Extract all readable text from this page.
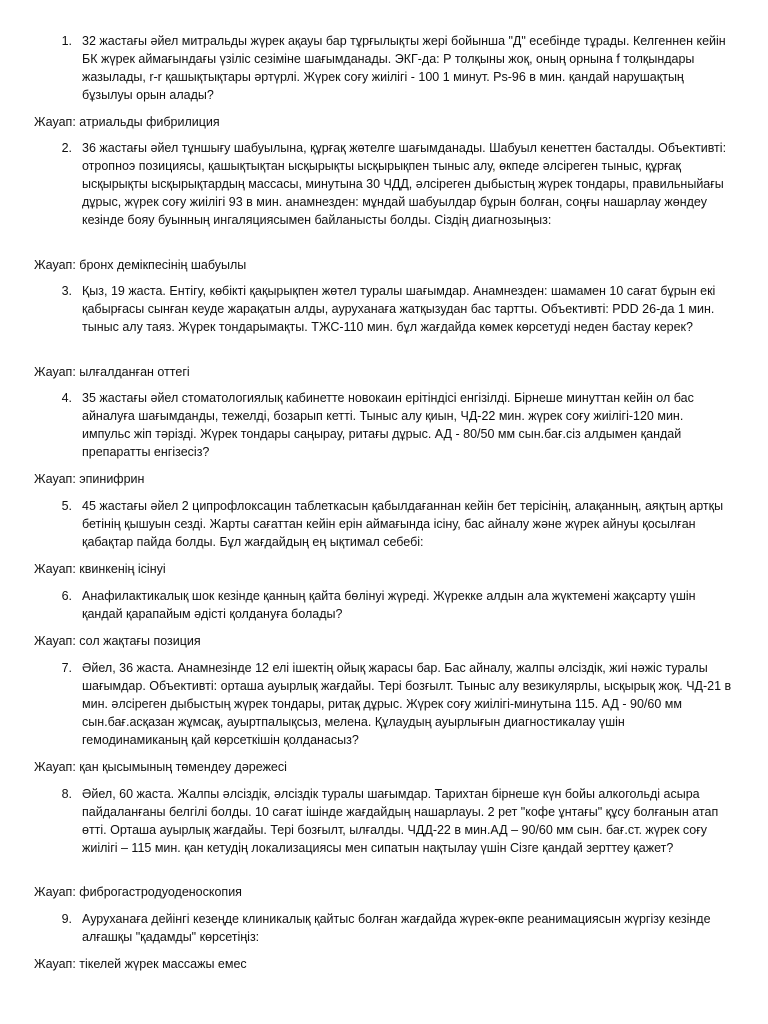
1. 32 жастағы әйел митральды жүрек ақауы бар тұрғылықты жері бойынша "Д" есебінде тұрады. Келгеннен кейін БК жүрек аймағындағы үзіліс сезіміне шағымданады. ЭКГ-да: Р толқыны жоқ, оның орнына f толқындары жазылады, r-r қашықтықтары әртүрлі. Жүрек соғу жиілігі - 100 1 минут. Ps-96 в мин. қандай нарушақтың бұзылуы орын алады?
Жауап: атриальды фибрилиция
2. 36 жастағы әйел тұншығу шабуылына, құрғақ жөтелге шағымданады. Шабуыл кенеттен басталды. Объективті: отропноэ позициясы, қашықтықтан ысқырықты ысқырықпен тыныс алу, өкпеде әлсіреген тыныс, құрғақ ысқырықты ысқырықтардың массасы, минутына 30 ЧДД, әлсіреген дыбыстың жүрек тондары, правильныйағы дұрыс, жүрек соғу жиілігі 93 в мин. анамнезден: мұндай шабуылдар бұрын болған, соңғы нашарлау жөндеу кезінде бояу буынның ингаляциясымен байланысты болды. Сіздің диагнозыңыз:
Жауап: бронх демікпесінің шабуылы
3. Қыз, 19 жаста. Ентігу, көбікті қақырықпен жөтел туралы шағымдар. Анамнезден: шамамен 10 сағат бұрын екі қабырғасы сынған кеуде жарақатын алды, ауруханаға жатқызудан бас тартты. Объективті: PDD 26-да 1 мин. тыныс алу таяз. Жүрек тондарымақты. ТЖС-110 мин. бұл жағдайда көмек көрсетуді неден бастау керек?
Жауап: ылғалданған оттегі
4. 35 жастағы әйел стоматологиялық кабинетте новокаин ерітіндісі енгізілді. Бірнеше минуттан кейін ол бас айналуға шағымданды, тежелді, бозарып кетті. Тыныс алу қиын, ЧД-22 мин. жүрек соғу жиілігі-120 мин. импульс жіп тәрізді. Жүрек тондары саңырау, ритағы дұрыс. АД - 80/50 мм сын.бағ.сіз алдымен қандай препаратты енгізесіз?
Жауап: эпинифрин
5. 45 жастағы әйел 2 ципрофлоксацин таблеткасын қабылдағаннан кейін бет терісінің, алақанның, аяқтың артқы бетінің қышуын сезді. Жарты сағаттан кейін ерін аймағында ісіну, бас айналу және жүрек айнуы қосылған қабақтар пайда болды. Бұл жағдайдың ең ықтимал себебі:
Жауап: квинкенің ісінуі
6. Анафилактикалық шок кезінде қанның қайта бөлінуі жүреді. Жүрекке алдын ала жүктемені жақсарту үшін қандай қарапайым әдісті қолдануға болады?
Жауап: сол жақтағы позиция
7. Әйел, 36 жаста. Анамнезінде 12 елі ішектің ойық жарасы бар. Бас айналу, жалпы әлсіздік, жиі нәжіс туралы шағымдар. Объективті: орташа ауырлық жағдайы. Тері бозғылт. Тыныс алу везикулярлы, ысқырық жоқ. ЧД-21 в мин. әлсіреген дыбыстың жүрек тондары, ритақ дұрыс. Жүрек соғу жиілігі-минутына 115. АД - 90/60 мм сын.бағ.асқазан жұмсақ, ауыртпалықсыз, мелена. Құлаудың ауырлығын диагностикалау үшін гемодинамиканың қай көрсеткішін қолданасыз?
Жауап: қан қысымының төмендеу дәрежесі
8. Әйел, 60 жаста. Жалпы әлсіздік, әлсіздік туралы шағымдар. Тарихтан бірнеше күн бойы алкогольді асыра пайдаланғаны белгілі болды. 10 сағат ішінде жағдайдың нашарлауы. 2 рет "кофе ұнтағы" құсу болғанын атап өтті. Орташа ауырлық жағдайы. Тері бозғылт, ылғалды. ЧДД-22 в мин.АД – 90/60 мм сын. бағ.ст. жүрек соғу жиілігі – 115 мин. қан кетудің локализациясы мен сипатын нақтылау үшін Сізге қандай зерттеу қажет?
Жауап: фиброгастродуоденоскопия
9. Ауруханаға дейінгі кезеңде клиникалық қайтыс болған жағдайда жүрек-өкпе реанимациясын жүргізу кезінде алғашқы "қадамды" көрсетіңіз:
Жауап: тікелей жүрек массажы емес
